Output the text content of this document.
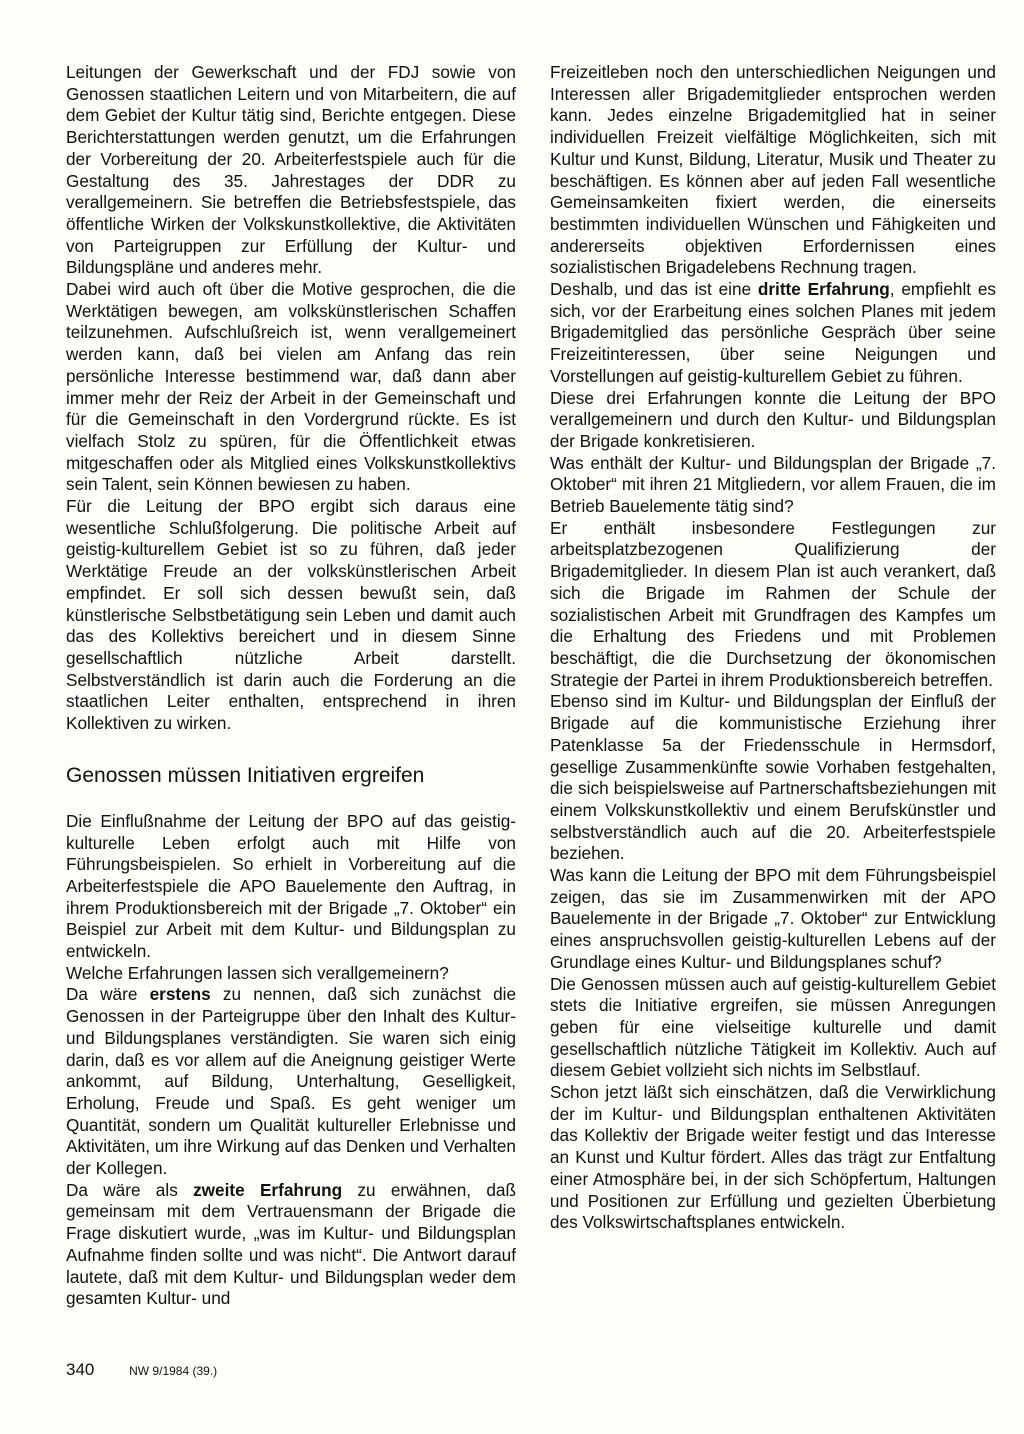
Leitungen der Gewerkschaft und der FDJ sowie von Genossen staatlichen Leitern und von Mitarbeitern, die auf dem Gebiet der Kultur tätig sind, Berichte entgegen. Diese Berichterstattungen werden genutzt, um die Erfahrungen der Vorbereitung der 20. Arbeiterfestspiele auch für die Gestaltung des 35. Jahrestages der DDR zu verallgemeinern. Sie betreffen die Betriebsfestspiele, das öffentliche Wirken der Volkskunstkollektive, die Aktivitäten von Parteigruppen zur Erfüllung der Kultur- und Bildungspläne und anderes mehr.

Dabei wird auch oft über die Motive gesprochen, die die Werktätigen bewegen, am volkskünstlerischen Schaffen teilzunehmen. Aufschlußreich ist, wenn verallgemeinert werden kann, daß bei vielen am Anfang das rein persönliche Interesse bestimmend war, daß dann aber immer mehr der Reiz der Arbeit in der Gemeinschaft und für die Gemeinschaft in den Vordergrund rückte. Es ist vielfach Stolz zu spüren, für die Öffentlichkeit etwas mitgeschaffen oder als Mitglied eines Volkskunstkollektivs sein Talent, sein Können bewiesen zu haben.

Für die Leitung der BPO ergibt sich daraus eine wesentliche Schlußfolgerung. Die politische Arbeit auf geistig-kulturellem Gebiet ist so zu führen, daß jeder Werktätige Freude an der volkskünstlerischen Arbeit empfindet. Er soll sich dessen bewußt sein, daß künstlerische Selbstbetätigung sein Leben und damit auch das des Kollektivs bereichert und in diesem Sinne gesellschaftlich nützliche Arbeit darstellt. Selbstverständlich ist darin auch die Forderung an die staatlichen Leiter enthalten, entsprechend in ihren Kollektiven zu wirken.

Genossen müssen Initiativen ergreifen

Die Einflußnahme der Leitung der BPO auf das geistig-kulturelle Leben erfolgt auch mit Hilfe von Führungsbeispielen. So erhielt in Vorbereitung auf die Arbeiterfestspiele die APO Bauelemente den Auftrag, in ihrem Produktionsbereich mit der Brigade „7. Oktober“ ein Beispiel zur Arbeit mit dem Kultur- und Bildungsplan zu entwickeln.

Welche Erfahrungen lassen sich verallgemeinern?

Da wäre erstens zu nennen, daß sich zunächst die Genossen in der Parteigruppe über den Inhalt des Kultur- und Bildungsplanes verständigten. Sie waren sich einig darin, daß es vor allem auf die Aneignung geistiger Werte ankommt, auf Bildung, Unterhaltung, Geselligkeit, Erholung, Freude und Spaß. Es geht weniger um Quantität, sondern um Qualität kultureller Erlebnisse und Aktivitäten, um ihre Wirkung auf das Denken und Verhalten der Kollegen.

Da wäre als zweite Erfahrung zu erwähnen, daß gemeinsam mit dem Vertrauensmann der Brigade die Frage diskutiert wurde, „was im Kultur- und Bildungsplan Aufnahme finden sollte und was nicht“. Die Antwort darauf lautete, daß mit dem Kultur- und Bildungsplan weder dem gesamten Kultur- und

Freizeitleben noch den unterschiedlichen Neigungen und Interessen aller Brigademitglieder entsprochen werden kann. Jedes einzelne Brigademitglied hat in seiner individuellen Freizeit vielfältige Möglichkeiten, sich mit Kultur und Kunst, Bildung, Literatur, Musik und Theater zu beschäftigen. Es können aber auf jeden Fall wesentliche Gemeinsamkeiten fixiert werden, die einerseits bestimmten individuellen Wünschen und Fähigkeiten und andererseits objektiven Erfordernissen eines sozialistischen Brigadelebens Rechnung tragen.

Deshalb, und das ist eine dritte Erfahrung, empfiehlt es sich, vor der Erarbeitung eines solchen Planes mit jedem Brigademitglied das persönliche Gespräch über seine Freizeitinteressen, über seine Neigungen und Vorstellungen auf geistig-kulturellem Gebiet zu führen.

Diese drei Erfahrungen konnte die Leitung der BPO verallgemeinern und durch den Kultur- und Bildungsplan der Brigade konkretisieren.

Was enthält der Kultur- und Bildungsplan der Brigade „7. Oktober“ mit ihren 21 Mitgliedern, vor allem Frauen, die im Betrieb Bauelemente tätig sind?

Er enthält insbesondere Festlegungen zur arbeitsplatzbezogenen Qualifizierung der Brigademitglieder. In diesem Plan ist auch verankert, daß sich die Brigade im Rahmen der Schule der sozialistischen Arbeit mit Grundfragen des Kampfes um die Erhaltung des Friedens und mit Problemen beschäftigt, die die Durchsetzung der ökonomischen Strategie der Partei in ihrem Produktionsbereich betreffen.

Ebenso sind im Kultur- und Bildungsplan der Einfluß der Brigade auf die kommunistische Erziehung ihrer Patenklasse 5a der Friedensschule in Hermsdorf, gesellige Zusammenkünfte sowie Vorhaben festgehalten, die sich beispielsweise auf Partnerschaftsbeziehungen mit einem Volkskunstkollektiv und einem Berufskünstler und selbstverständlich auch auf die 20. Arbeiterfestspiele beziehen.

Was kann die Leitung der BPO mit dem Führungsbeispiel zeigen, das sie im Zusammenwirken mit der APO Bauelemente in der Brigade „7. Oktober“ zur Entwicklung eines anspruchsvollen geistig-kulturellen Lebens auf der Grundlage eines Kultur- und Bildungsplanes schuf?

Die Genossen müssen auch auf geistig-kulturellem Gebiet stets die Initiative ergreifen, sie müssen Anregungen geben für eine vielseitige kulturelle und damit gesellschaftlich nützliche Tätigkeit im Kollektiv. Auch auf diesem Gebiet vollzieht sich nichts im Selbstlauf.

Schon jetzt läßt sich einschätzen, daß die Verwirklichung der im Kultur- und Bildungsplan enthaltenen Aktivitäten das Kollektiv der Brigade weiter festigt und das Interesse an Kunst und Kultur fördert. Alles das trägt zur Entfaltung einer Atmosphäre bei, in der sich Schöpfertum, Haltungen und Positionen zur Erfüllung und gezielten Überbietung des Volkswirtschaftsplanes entwickeln.

340	NW 9/1984 (39.)
